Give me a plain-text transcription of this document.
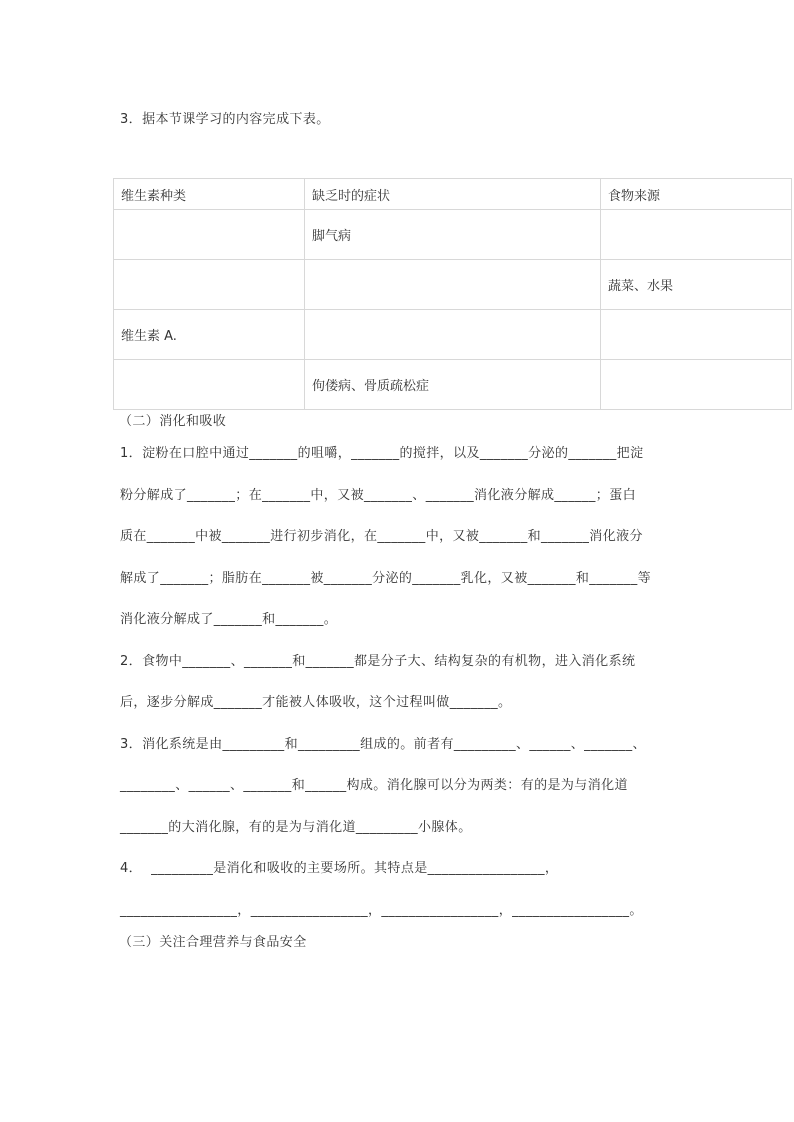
3．据本节课学习的内容完成下表。
维生素种类	缺乏时的症状	食物来源
	脚气病	
		蔬菜、水果
维生素 A.		
	佝偻病、骨质疏松症	
（二）消化和吸收
1．淀粉在口腔中通过_______的咀嚼，_______的搅拌，以及_______分泌的_______把淀
粉分解成了_______；在_______中，又被_______、_______消化液分解成______；蛋白
质在_______中被_______进行初步消化，在_______中，又被_______和_______消化液分
解成了_______；脂肪在_______被_______分泌的_______乳化，又被_______和_______等
消化液分解成了_______和_______。
2．食物中_______、_______和_______都是分子大、结构复杂的有机物，进入消化系统
后，逐步分解成_______才能被人体吸收，这个过程叫做_______。
3．消化系统是由_________和_________组成的。前者有_________、______、_______、
________、______、_______和______构成。消化腺可以分为两类：有的是为与消化道
_______的大消化腺，有的是为与消化道_________小腺体。
4．  _________是消化和吸收的主要场所。其特点是_________________，
_________________，_________________，_________________，_________________。
（三）关注合理营养与食品安全
